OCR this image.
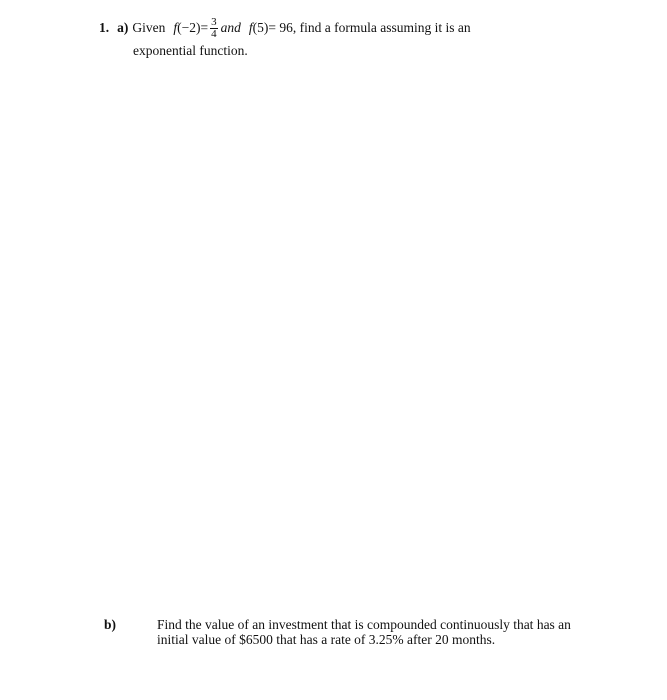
1. a) Given f $(-2) = \frac{3}{4}$ and f (5) = 96 , find a formula assuming it is an
exponential function.
b)	Find the value of an investment that is compounded continuously that has an initial value of $6500 that has a rate of 3.25% after 20 months.
